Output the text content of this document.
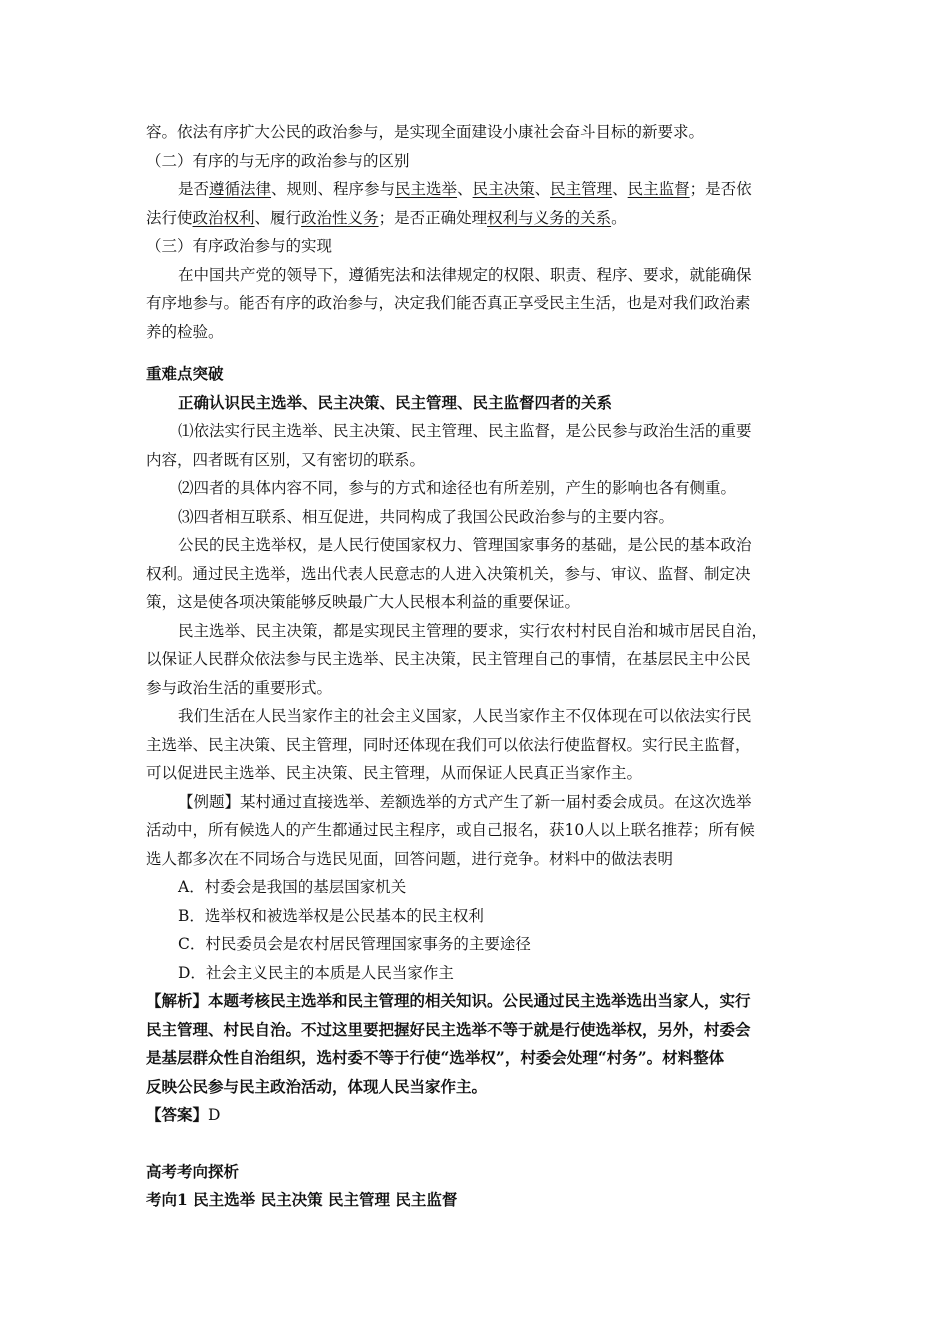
容。依法有序扩大公民的政治参与，是实现全面建设小康社会奋斗目标的新要求。
（二）有序的与无序的政治参与的区别
是否遵循法律、规则、程序参与民主选举、民主决策、民主管理、民主监督；是否依
法行使政治权利、履行政治性义务；是否正确处理权利与义务的关系。
（三）有序政治参与的实现
在中国共产党的领导下，遵循宪法和法律规定的权限、职责、程序、要求，就能确保
有序地参与。能否有序的政治参与，决定我们能否真正享受民主生活，也是对我们政治素
养的检验。
重难点突破
正确认识民主选举、民主决策、民主管理、民主监督四者的关系
⑴依法实行民主选举、民主决策、民主管理、民主监督，是公民参与政治生活的重要
内容，四者既有区别，又有密切的联系。
⑵四者的具体内容不同，参与的方式和途径也有所差别，产生的影响也各有侧重。
⑶四者相互联系、相互促进，共同构成了我国公民政治参与的主要内容。
公民的民主选举权，是人民行使国家权力、管理国家事务的基础，是公民的基本政治
权利。通过民主选举，选出代表人民意志的人进入决策机关，参与、审议、监督、制定决
策，这是使各项决策能够反映最广大人民根本利益的重要保证。
民主选举、民主决策，都是实现民主管理的要求，实行农村村民自治和城市居民自治，
以保证人民群众依法参与民主选举、民主决策，民主管理自己的事情，在基层民主中公民
参与政治生活的重要形式。
我们生活在人民当家作主的社会主义国家，人民当家作主不仅体现在可以依法实行民
主选举、民主决策、民主管理，同时还体现在我们可以依法行使监督权。实行民主监督，
可以促进民主选举、民主决策、民主管理，从而保证人民真正当家作主。
【例题】某村通过直接选举、差额选举的方式产生了新一届村委会成员。在这次选举
活动中，所有候选人的产生都通过民主程序，或自己报名，获10人以上联名推荐；所有候
选人都多次在不同场合与选民见面，回答问题，进行竞争。材料中的做法表明
A．村委会是我国的基层国家机关
B．选举权和被选举权是公民基本的民主权利
C．村民委员会是农村居民管理国家事务的主要途径
D．社会主义民主的本质是人民当家作主
【解析】本题考核民主选举和民主管理的相关知识。公民通过民主选举选出当家人，实行
民主管理、村民自治。不过这里要把握好民主选举不等于就是行使选举权，另外，村委会
是基层群众性自治组织，选村委不等于行使“选举权”，村委会处理“村务”。材料整体
反映公民参与民主政治活动，体现人民当家作主。
【答案】D
高考考向探析
考向1 民主选举 民主决策 民主管理 民主监督
